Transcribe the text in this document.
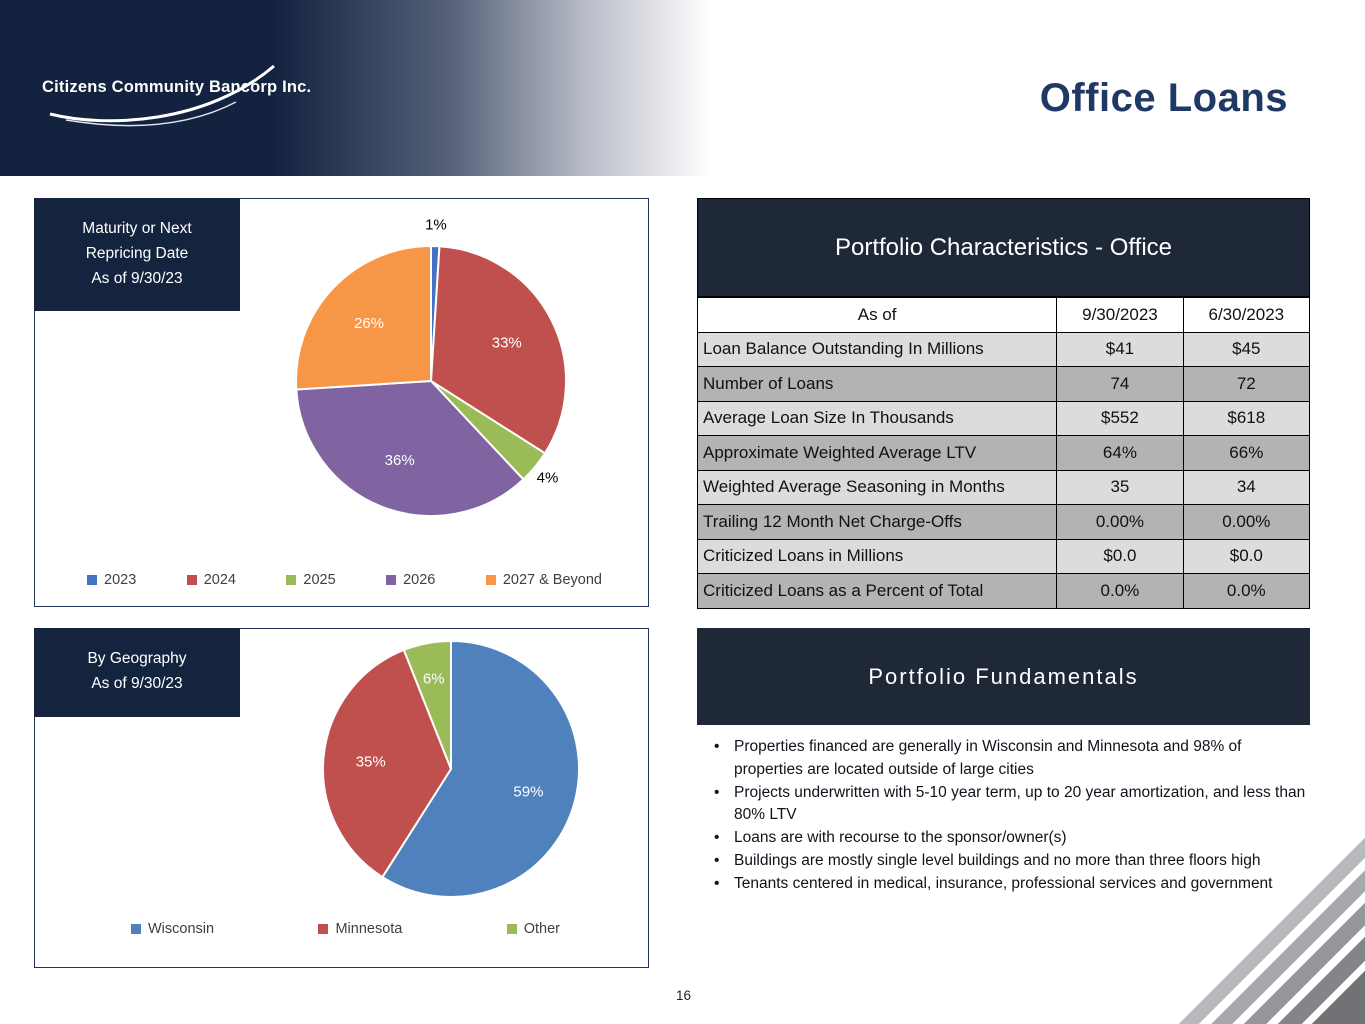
Citizens Community Bancorp Inc.	Office Loans
Maturity or Next
Repricing Date
As of 9/30/23
1%
33%
4%
36%
26%
2023	2024	2025	2026	2027 & Beyond
By Geography
As of 9/30/23
59%
35%
6%
Wisconsin	Minnesota	Other
Portfolio Characteristics - Office
As of	9/30/2023	6/30/2023
Loan Balance Outstanding In Millions	$41	$45
Number of Loans	74	72
Average Loan Size In Thousands	$552	$618
Approximate Weighted Average LTV	64%	66%
Weighted Average Seasoning in Months	35	34
Trailing 12 Month Net Charge-Offs	0.00%	0.00%
Criticized Loans in Millions	$0.0	$0.0
Criticized Loans as a Percent of Total	0.0%	0.0%
Portfolio Fundamentals
• Properties financed are generally in Wisconsin and Minnesota and 98% of properties are located outside of large cities
• Projects underwritten with 5-10 year term, up to 20 year amortization, and less than 80% LTV
• Loans are with recourse to the sponsor/owner(s)
• Buildings are mostly single level buildings and no more than three floors high
• Tenants centered in medical, insurance, professional services and government
16
